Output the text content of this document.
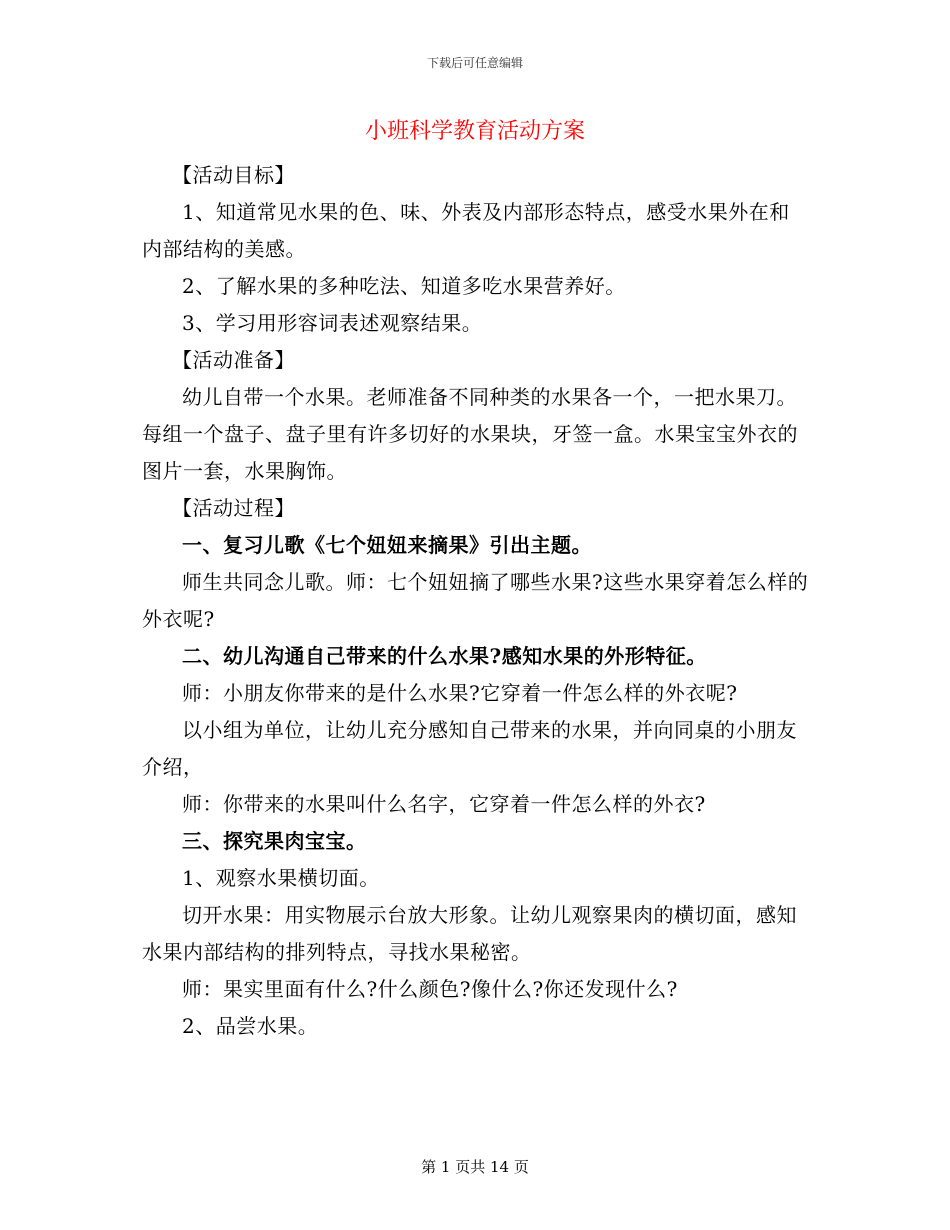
下载后可任意编辑
小班科学教育活动方案

【活动目标】

1、知道常见水果的色、味、外表及内部形态特点，感受水果外在和内部结构的美感。

2、了解水果的多种吃法、知道多吃水果营养好。

3、学习用形容词表述观察结果。

【活动准备】

幼儿自带一个水果。老师准备不同种类的水果各一个，一把水果刀。每组一个盘子、盘子里有许多切好的水果块，牙签一盒。水果宝宝外衣的图片一套，水果胸饰。

【活动过程】

一、复习儿歌《七个妞妞来摘果》引出主题。

师生共同念儿歌。师：七个妞妞摘了哪些水果?这些水果穿着怎么样的外衣呢?

二、幼儿沟通自己带来的什么水果?感知水果的外形特征。

师：小朋友你带来的是什么水果?它穿着一件怎么样的外衣呢?

以小组为单位，让幼儿充分感知自己带来的水果，并向同桌的小朋友介绍，

师：你带来的水果叫什么名字，它穿着一件怎么样的外衣?

三、探究果肉宝宝。

1、观察水果横切面。

切开水果：用实物展示台放大形象。让幼儿观察果肉的横切面，感知水果内部结构的排列特点，寻找水果秘密。

师：果实里面有什么?什么颜色?像什么?你还发现什么?

2、品尝水果。

第 1 页共 14 页
